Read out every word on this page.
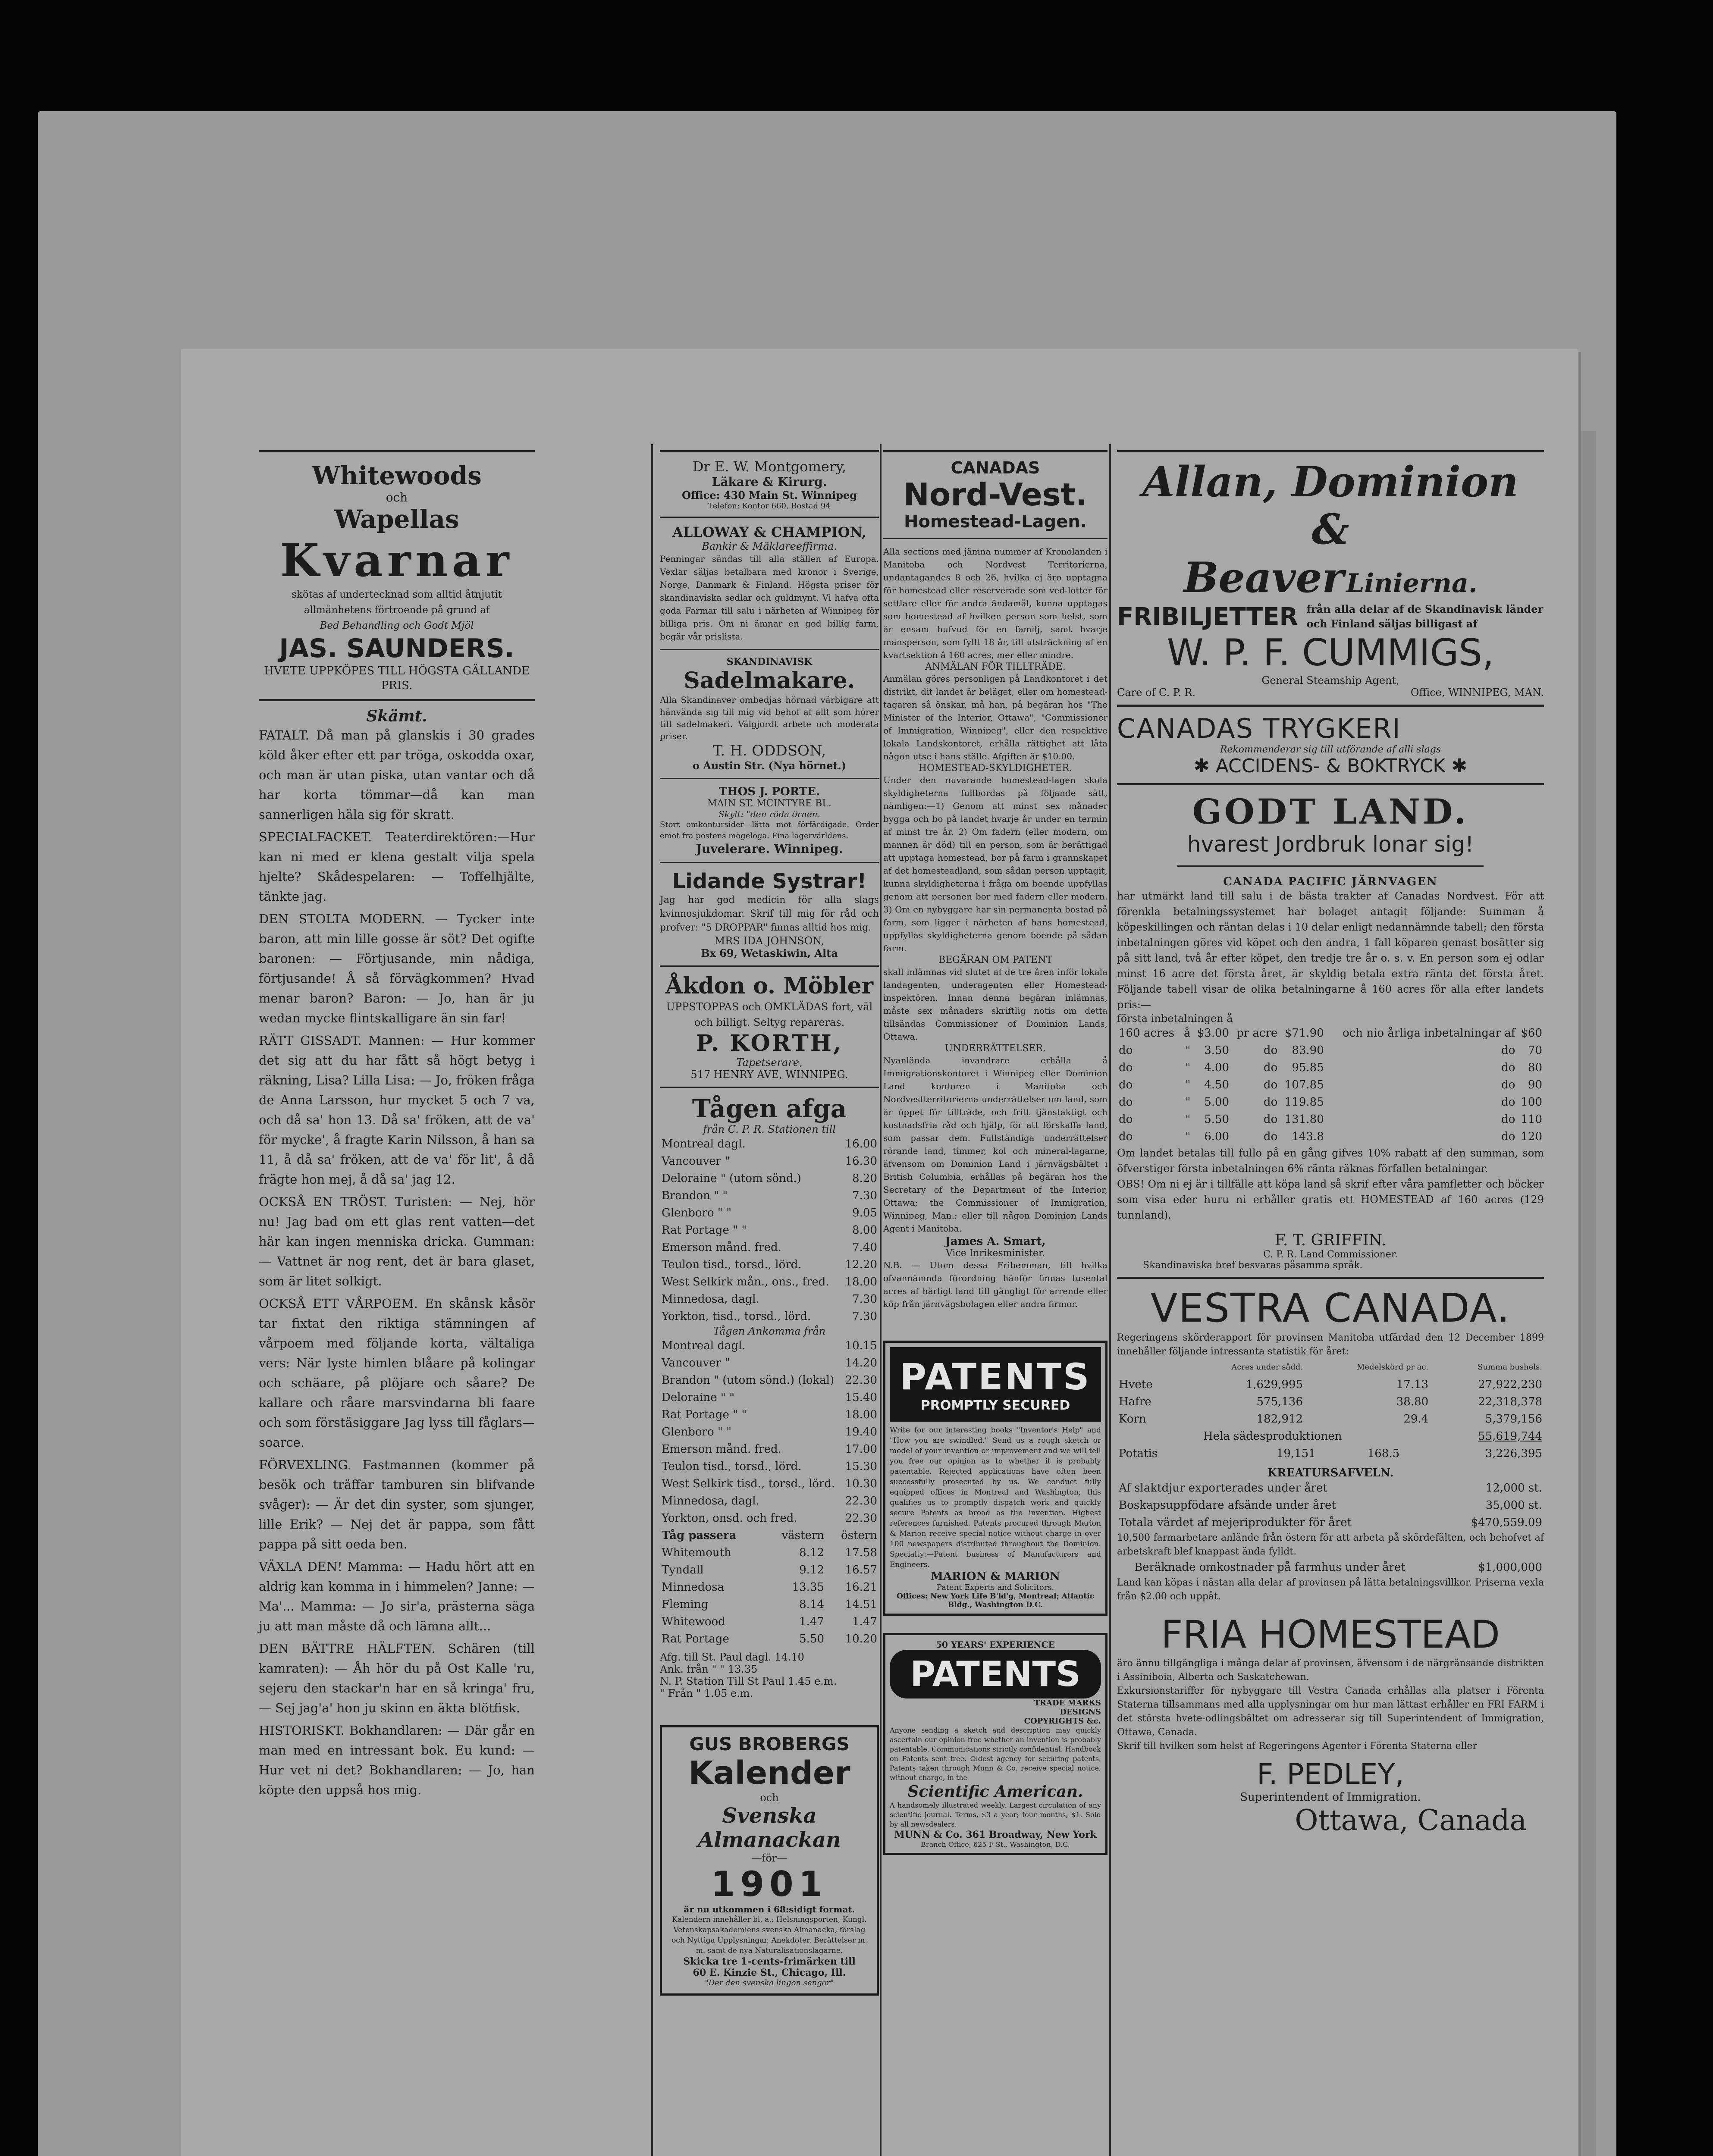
Whitewoods
och
Wapellas
Kvarnar
skötas af undertecknad som alltid åtnjutit allmänhetens förtroende på grund af
Bed Behandling och Godt Mjöl
JAS. SAUNDERS.
HVETE UPPKÖPES TILL HÖGSTA GÄLLANDE PRIS.
Skämt.

FATALT. Då man på glanskis i 30 grades köld åker efter ett par tröga, oskodda oxar, och man är utan piska, utan vantar och då har korta tömmar—då kan man sannerligen häla sig för skratt.

SPECIALFACKET. Teaterdirektören:—Hur kan ni med er klena gestalt vilja spela hjelte? Skådespelaren: — Toffelhjälte, tänkte jag.

DEN STOLTA MODERN. — Tycker inte baron, att min lille gosse är söt? Det ogifte baronen: — Förtjusande, min nådiga, förtjusande! Å så förvägkommen? Hvad menar baron? Baron: — Jo, han är ju wedan mycke flintskalligare än sin far!

RÄTT GISSADT. Mannen: — Hur kommer det sig att du har fått så högt betyg i räkning, Lisa? Lilla Lisa: — Jo, fröken fråga de Anna Larsson, hur mycket 5 och 7 va, och då sa' hon 13. Då sa' fröken, att de va' för mycke', å fragte Karin Nilsson, å han sa 11, å då sa' fröken, att de va' för lit', å då frägte hon mej, å då sa' jag 12.

OCKSÅ EN TRÖST. Turisten: — Nej, hör nu! Jag bad om ett glas rent vatten—det här kan ingen menniska dricka. Gumman: — Vattnet är nog rent, det är bara glaset, som är litet solkigt.

OCKSÅ ETT VÅRPOEM. En skånsk kåsör tar fixtat den riktiga stämningen af vårpoem med följande korta, vältaliga vers: När lyste himlen blåare på kolingar och schäare, på plöjare och såare? De kallare och råare marsvindarna bli faare och som förstäsiggare Jag lyss till fåglars—soarce.

FÖRVEXLING. Fastmannen (kommer på besök och träffar tamburen sin blifvande svåger): — Är det din syster, som sjunger, lille Erik? — Nej det är pappa, som fått pappa på sitt oeda ben.

VÄXLA DEN! Mamma: — Hadu hört att en aldrig kan komma in i himmelen? Janne: — Ma'... Mamma: — Jo sir'a, prästerna säga ju att man måste då och lämna allt...

DEN BÄTTRE HÄLFTEN. Schären (till kamraten): — Åh hör du på Ost Kalle 'ru, sejeru den stackar'n har en så kringa' fru, — Sej jag'a' hon ju skinn en äkta blötfisk.

HISTORISKT. Bokhandlaren: — Där går en man med en intressant bok. Eu kund: — Hur vet ni det? Bokhandlaren: — Jo, han köpte den uppså hos mig.

Dr E. W. Montgomery,
Läkare & Kirurg.
Office: 430 Main St. Winnipeg
Telefon: Kontor 660, Bostad 94
ALLOWAY & CHAMPION,
Bankir & Mäklareeffirma.
Penningar sändas till alla ställen af Europa. Vexlar säljas betalbara med kronor i Sverige, Norge, Danmark & Finland. Högsta priser för skandinaviska sedlar och guldmynt. Vi hafva ofta goda Farmar till salu i närheten af Winnipeg för billiga pris. Om ni ämnar en god billig farm, begär vår prislista.
SKANDINAVISK
Sadelmakare.
Alla Skandinaver ombedjas hörnad värbigare att hänvända sig till mig vid behof af allt som hörer till sadelmakeri. Välgjordt arbete och moderata priser.
T. H. ODDSON,
o Austin Str. (Nya hörnet.)
THOS J. PORTE.
MAIN ST. MCINTYRE BL.
Skylt: "den röda örnen.
Stort omkontursider—lätta mot förfärdigade. Order emot fra postens mögeloga. Fina lagervärldens.
Juvelerare. Winnipeg.
Lidande Systrar!
Jag har god medicin för alla slags kvinnosjukdomar. Skrif till mig för råd och profver: "5 DROPPAR" finnas alltid hos mig.
MRS IDA JOHNSON,
Bx 69, Wetaskiwin, Alta
Åkdon o. Möbler
UPPSTOPPAS och OMKLÄDAS fort, väl och billigt. Seltyg repareras.
P. KORTH,
Tapetserare,
517 HENRY AVE, WINNIPEG.
Tågen afga
från C. P. R. Stationen till
Montreal dagl.	16.00
Vancouver "	16.30
Deloraine " (utom sönd.)	8.20
Brandon " "	7.30
Glenboro " "	9.05
Rat Portage " "	8.00
Emerson månd. fred.	7.40
Teulon tisd., torsd., lörd.	12.20
West Selkirk mån., ons., fred.	18.00
Minnedosa, dagl.	7.30
Yorkton, tisd., torsd., lörd.	7.30
Tågen Ankomma från
Montreal dagl.	10.15
Vancouver "	14.20
Brandon " (utom sönd.) (lokal)	22.30
Deloraine " "	15.40
Rat Portage " "	18.00
Glenboro " "	19.40
Emerson månd. fred.	17.00
Teulon tisd., torsd., lörd.	15.30
West Selkirk tisd., torsd., lörd.	10.30
Minnedosa, dagl.	22.30
Yorkton, onsd. och fred.	22.30
Tåg passera	västern	östern
Whitemouth	8.12	17.58
Tyndall	9.12	16.57
Minnedosa	13.35	16.21
Fleming	8.14	14.51
Whitewood	1.47	1.47
Rat Portage	5.50	10.20
Afg. till St. Paul dagl. 14.10
Ank. från " " 13.35
N. P. Station Till St Paul 1.45 e.m.
" Från " 1.05 e.m.
GUS BROBERGS
Kalender
och
Svenska Almanackan
—för—
1901
är nu utkommen i 68:sidigt format.
Kalendern innehåller bl. a.: Helsningsporten, Kungl. Vetenskapsakademiens svenska Almanacka, förslag och Nyttiga Upplysningar, Anekdoter, Berättelser m. m. samt de nya Naturalisationslagarne.
Skicka tre 1-cents-frimärken till
60 E. Kinzie St., Chicago, Ill.
"Der den svenska lingon sengor"
CANADAS
Nord-Vest.
Homestead-Lagen.
Alla sections med jämna nummer af Kronolanden i Manitoba och Nordvest Territorierna, undantagandes 8 och 26, hvilka ej äro upptagna för homestead eller reserverade som ved-lotter för settlare eller för andra ändamål, kunna upptagas som homestead af hvilken person som helst, som är ensam hufvud för en familj, samt hvarje mansperson, som fyllt 18 år, till utsträckning af en kvartsektion å 160 acres, mer eller mindre.
ANMÄLAN FÖR TILLTRÄDE.
Anmälan göres personligen på Landkontoret i det distrikt, dit landet är beläget, eller om homestead-tagaren så önskar, må han, på begäran hos "The Minister of the Interior, Ottawa", "Commissioner of Immigration, Winnipeg", eller den respektive lokala Landskontoret, erhålla rättighet att låta någon utse i hans ställe. Afgiften är $10.00.
HOMESTEAD-SKYLDIGHETER.
Under den nuvarande homestead-lagen skola skyldigheterna fullbordas på följande sätt, nämligen:—1) Genom att minst sex månader bygga och bo på landet hvarje år under en termin af minst tre år. 2) Om fadern (eller modern, om mannen är död) till en person, som är berättigad att upptaga homestead, bor på farm i grannskapet af det homesteadland, som sådan person upptagit, kunna skyldigheterna i fråga om boende uppfyllas genom att personen bor med fadern eller modern. 3) Om en nybyggare har sin permanenta bostad på farm, som ligger i närheten af hans homestead, uppfyllas skyldigheterna genom boende på sådan farm.
BEGÄRAN OM PATENT
skall inlämnas vid slutet af de tre åren inför lokala landagenten, underagenten eller Homestead-inspektören. Innan denna begäran inlämnas, måste sex månaders skriftlig notis om detta tillsändas Commissioner of Dominion Lands, Ottawa.
UNDERRÄTTELSER.
Nyanlända invandrare erhålla å Immigrationskontoret i Winnipeg eller Dominion Land kontoren i Manitoba och Nordvestterritorierna underrättelser om land, som är öppet för tillträde, och fritt tjänstaktigt och kostnadsfria råd och hjälp, för att förskaffa land, som passar dem. Fullständiga underrättelser rörande land, timmer, kol och mineral-lagarne, äfvensom om Dominion Land i järnvägsbältet i British Columbia, erhållas på begäran hos the Secretary of the Department of the Interior, Ottawa; the Commissioner of Immigration, Winnipeg, Man.; eller till någon Dominion Lands Agent i Manitoba.
James A. Smart,
Vice Inrikesminister.
N.B. — Utom dessa Fribemman, till hvilka ofvannämnda förordning hänför finnas tusental acres af härligt land till gängligt för arrende eller köp från järnvägsbolagen eller andra firmor.
PATENTS
PROMPTLY SECURED
Write for our interesting books "Inventor's Help" and "How you are swindled." Send us a rough sketch or model of your invention or improvement and we will tell you free our opinion as to whether it is probably patentable. Rejected applications have often been successfully prosecuted by us. We conduct fully equipped offices in Montreal and Washington; this qualifies us to promptly dispatch work and quickly secure Patents as broad as the invention. Highest references furnished. Patents procured through Marion & Marion receive special notice without charge in over 100 newspapers distributed throughout the Dominion. Specialty:—Patent business of Manufacturers and Engineers.
MARION & MARION
Patent Experts and Solicitors.
Offices: New York Life B'ld'g, Montreal; Atlantic Bldg., Washington D.C.
50 YEARS' EXPERIENCE
PATENTS
TRADE MARKS
DESIGNS
COPYRIGHTS &c.
Anyone sending a sketch and description may quickly ascertain our opinion free whether an invention is probably patentable. Communications strictly confidential. Handbook on Patents sent free. Oldest agency for securing patents. Patents taken through Munn & Co. receive special notice, without charge, in the
Scientific American.
A handsomely illustrated weekly. Largest circulation of any scientific journal. Terms, $3 a year; four months, $1. Sold by all newsdealers.
MUNN & Co. 361 Broadway, New York
Branch Office, 625 F St., Washington, D.C.
Allan, Dominion &
Beaver Linierna.
FRIBILJETTER från alla delar af de Skandinavisk länder och Finland säljas billigast af
W. P. F. CUMMIGS,
General Steamship Agent,
Care of C. P. R.	Office, WINNIPEG, MAN.
CANADAS TRYGKERI
Rekommenderar sig till utförande af alli slags
✱ ACCIDENS- & BOKTRYCK ✱
GODT LAND.
hvarest Jordbruk lonar sig!
CANADA PACIFIC JÄRNVAGEN
har utmärkt land till salu i de bästa trakter af Canadas Nordvest. För att förenkla betalningssystemet har bolaget antagit följande: Summan å köpeskillingen och räntan delas i 10 delar enligt nedannämnde tabell; den första inbetalningen göres vid köpet och den andra, 1 fall köparen genast bosätter sig på sitt land, två år efter köpet, den tredje tre år o. s. v. En person som ej odlar minst 16 acre det första året, är skyldig betala extra ränta det första året. Följande tabell visar de olika betalningarne å 160 acres för alla efter landets pris:—
första inbetalningen å
160 acres	å	$3.00	pr acre	$71.90	och nio årliga inbetalningar af	$60
do	"	3.50	do	83.90	do	70
do	"	4.00	do	95.85	do	80
do	"	4.50	do	107.85	do	90
do	"	5.00	do	119.85	do	100
do	"	5.50	do	131.80	do	110
do	"	6.00	do	143.8	do	120
Om landet betalas till fullo på en gång gifves 10% rabatt af den summan, som öfverstiger första inbetalningen 6% ränta räknas förfallen betalningar.
OBS! Om ni ej är i tillfälle att köpa land så skrif efter våra pamfletter och böcker som visa eder huru ni erhåller gratis ett HOMESTEAD af 160 acres (129 tunnland).
F. T. GRIFFIN.
C. P. R. Land Commissioner.
Skandinaviska bref besvaras påsamma språk.
VESTRA CANADA.
Regeringens skörderapport för provinsen Manitoba utfärdad den 12 December 1899 innehåller följande intressanta statistik för året:
	Acres under sådd.	Medelskörd pr ac.	Summa bushels.
Hvete	1,629,995	17.13	27,922,230
Hafre	575,136	38.80	22,318,378
Korn	182,912	29.4	5,379,156
Hela sädesproduktionen	55,619,744
Potatis	19,151	168.5	3,226,395
KREATURSAFVELN.
Af slaktdjur exporterades under året	12,000 st.
Boskapsuppfödare afsände under året	35,000 st.
Totala värdet af mejeriprodukter för året	$470,559.09
10,500 farmarbetare anlände från östern för att arbeta på skördefälten, och behofvet af arbetskraft blef knappast ända fylldt.
Beräknade omkostnader på farmhus under året	$1,000,000
Land kan köpas i nästan alla delar af provinsen på lätta betalningsvillkor. Priserna vexla från $2.00 och uppåt.
FRIA HOMESTEAD
äro ännu tillgängliga i många delar af provinsen, äfvensom i de närgränsande distrikten i Assiniboia, Alberta och Saskatchewan.
Exkursionstariffer för nybyggare till Vestra Canada erhållas alla platser i Förenta Staterna tillsammans med alla upplysningar om hur man lättast erhåller en FRI FARM i det största hvete-odlingsbältet om adresserar sig till Superintendent of Immigration, Ottawa, Canada.
Skrif till hvilken som helst af Regeringens Agenter i Förenta Staterna eller
F. PEDLEY,
Superintendent of Immigration.
Ottawa, Canada
